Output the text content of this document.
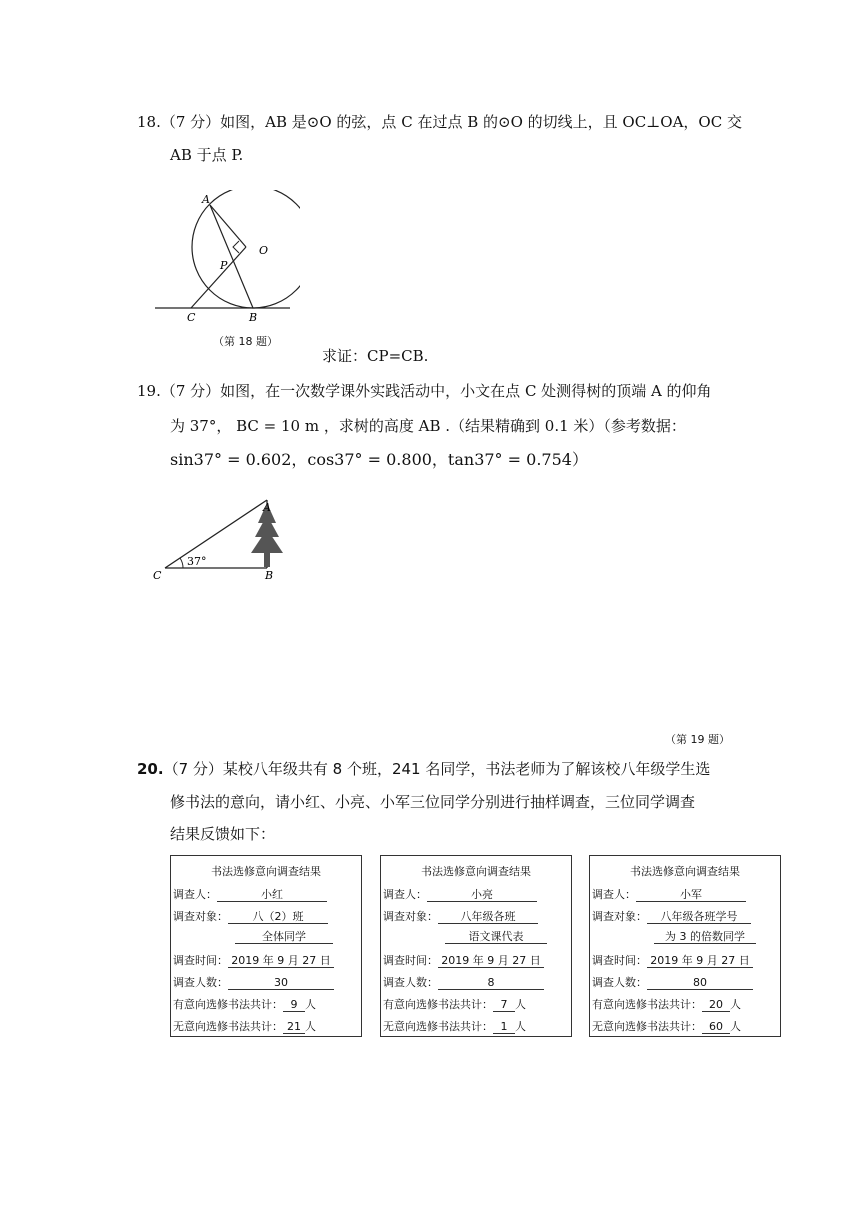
18.（7 分）如图，AB 是⊙O 的弦，点 C 在过点 B 的⊙O 的切线上，且 OC⊥OA，OC 交
AB 于点 P.
A
O
P
C	B
（第 18 题）
求证：CP=CB.
19.（7 分）如图，在一次数学课外实践活动中，小文在点 C 处测得树的顶端 A 的仰角
为 37°， BC = 10 m ，求树的高度 AB .（结果精确到 0.1 米）（参考数据：
sin37° = 0.602，cos37° = 0.800，tan37° = 0.754）
37°
A
C	B
（第 19 题）
20.（7 分）某校八年级共有 8 个班，241 名同学，书法老师为了解该校八年级学生选
修书法的意向，请小红、小亮、小军三位同学分别进行抽样调查，三位同学调查
结果反馈如下：
书法选修意向调查结果
调查人：	小红
调查对象： 八（2）班
全体同学
调查时间： 2019 年 9 月 27 日
调查人数：	30
有意向选修书法共计： 9 人
无意向选修书法共计： 21 人
书法选修意向调查结果
调查人：	小亮
调查对象： 八年级各班
语文课代表
调查时间： 2019 年 9 月 27 日
调查人数：	8
有意向选修书法共计： 7 人
无意向选修书法共计： 1 人
书法选修意向调查结果
调查人：	小军
调查对象： 八年级各班学号
为 3 的倍数同学
调查时间： 2019 年 9 月 27 日
调查人数：	80
有意向选修书法共计： 20 人
无意向选修书法共计： 60 人
